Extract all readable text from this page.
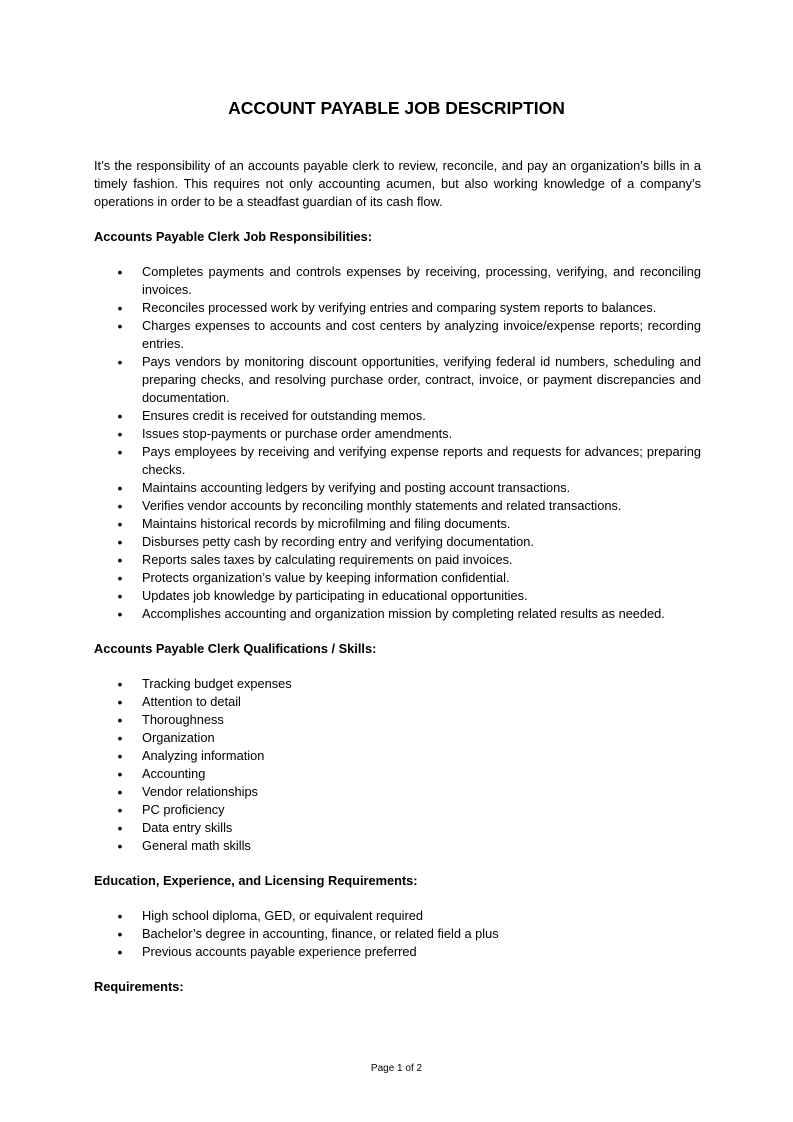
ACCOUNT PAYABLE JOB DESCRIPTION

It’s the responsibility of an accounts payable clerk to review, reconcile, and pay an organization’s bills in a timely fashion. This requires not only accounting acumen, but also working knowledge of a company’s operations in order to be a steadfast guardian of its cash flow.

Accounts Payable Clerk Job Responsibilities:

•
Completes payments and controls expenses by receiving, processing, verifying, and reconciling invoices.
•
Reconciles processed work by verifying entries and comparing system reports to balances.
•
Charges expenses to accounts and cost centers by analyzing invoice/expense reports; recording entries.
•
Pays vendors by monitoring discount opportunities, verifying federal id numbers, scheduling and preparing checks, and resolving purchase order, contract, invoice, or payment discrepancies and documentation.
•
Ensures credit is received for outstanding memos.
•
Issues stop-payments or purchase order amendments.
•
Pays employees by receiving and verifying expense reports and requests for advances; preparing checks.
•
Maintains accounting ledgers by verifying and posting account transactions.
•
Verifies vendor accounts by reconciling monthly statements and related transactions.
•
Maintains historical records by microfilming and filing documents.
•
Disburses petty cash by recording entry and verifying documentation.
•
Reports sales taxes by calculating requirements on paid invoices.
•
Protects organization’s value by keeping information confidential.
•
Updates job knowledge by participating in educational opportunities.
•
Accomplishes accounting and organization mission by completing related results as needed.

Accounts Payable Clerk Qualifications / Skills:

•
Tracking budget expenses
•
Attention to detail
•
Thoroughness
•
Organization
•
Analyzing information
•
Accounting
•
Vendor relationships
•
PC proficiency
•
Data entry skills
•
General math skills

Education, Experience, and Licensing Requirements:

•
High school diploma, GED, or equivalent required
•
Bachelor’s degree in accounting, finance, or related field a plus
•
Previous accounts payable experience preferred

Requirements:

Page 1 of 2
